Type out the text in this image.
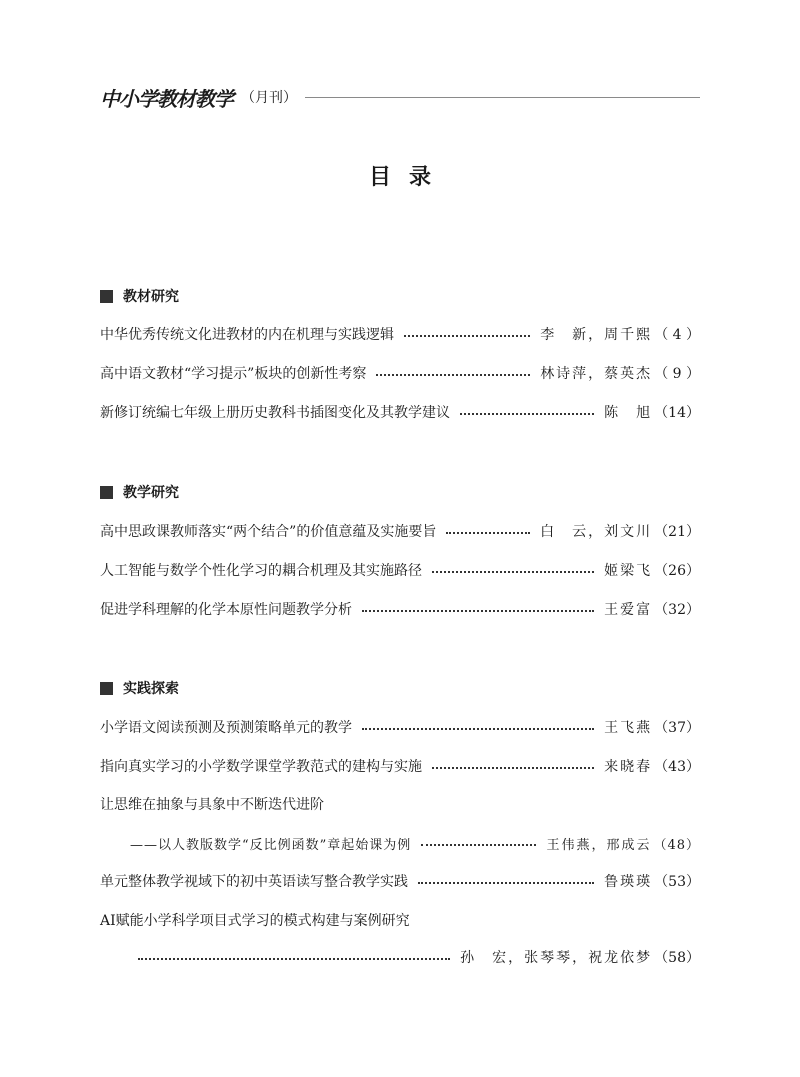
中小学教材教学 （月刊）
目录
教材研究
中华优秀传统文化进教材的内在机理与实践逻辑	李　新，周千熙 （ 4 ）
高中语文教材“学习提示”板块的创新性考察	林诗萍，蔡英杰 （ 9 ）
新修订统编七年级上册历史教科书插图变化及其教学建议	陈　旭 （14）
教学研究
高中思政课教师落实“两个结合”的价值意蕴及实施要旨	白　云，刘文川 （21）
人工智能与数学个性化学习的耦合机理及其实施路径	姬梁飞 （26）
促进学科理解的化学本原性问题教学分析	王爱富 （32）
实践探索
小学语文阅读预测及预测策略单元的教学	王飞燕 （37）
指向真实学习的小学数学课堂学教范式的建构与实施	来晓春 （43）
让思维在抽象与具象中不断迭代进阶
——以人教版数学“反比例函数”章起始课为例	王伟燕，邢成云 （48）
单元整体教学视域下的初中英语读写整合教学实践	鲁瑛瑛 （53）
AI赋能小学科学项目式学习的模式构建与案例研究
孙　宏，张琴琴，祝龙依梦 （58）
